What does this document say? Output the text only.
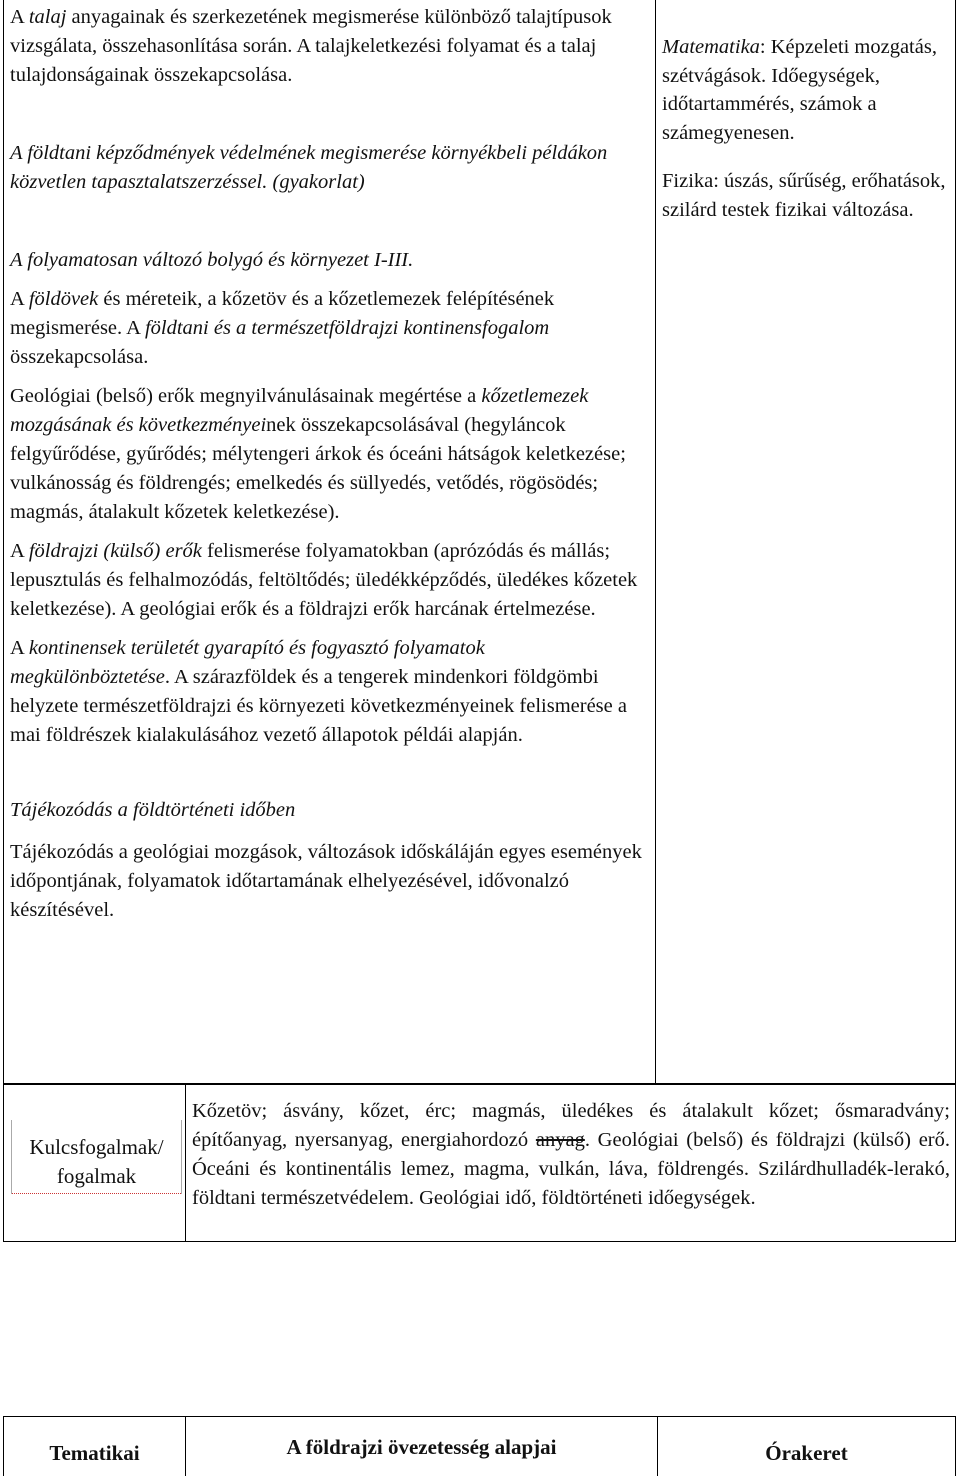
A talaj anyagainak és szerkezetének megismerése különböző talajtípusok vizsgálata, összehasonlítása során. A talajkeletkezési folyamat és a talaj tulajdonságainak összekapcsolása.

A földtani képződmények védelmének megismerése környékbeli példákon közvetlen tapasztalatszerzéssel. (gyakorlat)

A folyamatosan változó bolygó és környezet I-III.

A földövek és méreteik, a kőzetöv és a kőzetlemezek felépítésének megismerése. A földtani és a természetföldrajzi kontinensfogalom összekapcsolása.

Geológiai (belső) erők megnyilvánulásainak megértése a kőzetlemezek mozgásának és következményeinek összekapcsolásával (hegyláncok felgyűrődése, gyűrődés; mélytengeri árkok és óceáni hátságok keletkezése; vulkánosság és földrengés; emelkedés és süllyedés, vetődés, rögösödés; magmás, átalakult kőzetek keletkezése).

A földrajzi (külső) erők felismerése folyamatokban (aprózódás és mállás; lepusztulás és felhalmozódás, feltöltődés; üledékképződés, üledékes kőzetek keletkezése). A geológiai erők és a földrajzi erők harcának értelmezése.

A kontinensek területét gyarapító és fogyasztó folyamatok megkülönböztetése. A szárazföldek és a tengerek mindenkori földgömbi helyzete természetföldrajzi és környezeti következményeinek felismerése a mai földrészek kialakulásához vezető állapotok példái alapján.

Tájékozódás a földtörténeti időben

Tájékozódás a geológiai mozgások, változások időskáláján egyes események időpontjának, folyamatok időtartamának elhelyezésével, idővonalzó készítésével.

Matematika: Képzeleti mozgatás, szétvágások. Időegységek, időtartammérés, számok a számegyenesen.

Fizika: úszás, sűrűség, erőhatások, szilárd testek fizikai változása.

Kulcsfogalmak/
fogalmak
Kőzetöv; ásvány, kőzet, érc; magmás, üledékes és átalakult kőzet; ősmaradvány; építőanyag, nyersanyag, energiahordozó anyag. Geológiai (belső) és földrajzi (külső) erő. Óceáni és kontinentális lemez, magma, vulkán, láva, földrengés. Szilárdhulladék-lerakó, földtani természetvédelem. Geológiai idő, földtörténeti időegységek.
Tematikai	A földrajzi övezetesség alapjai	Órakeret
